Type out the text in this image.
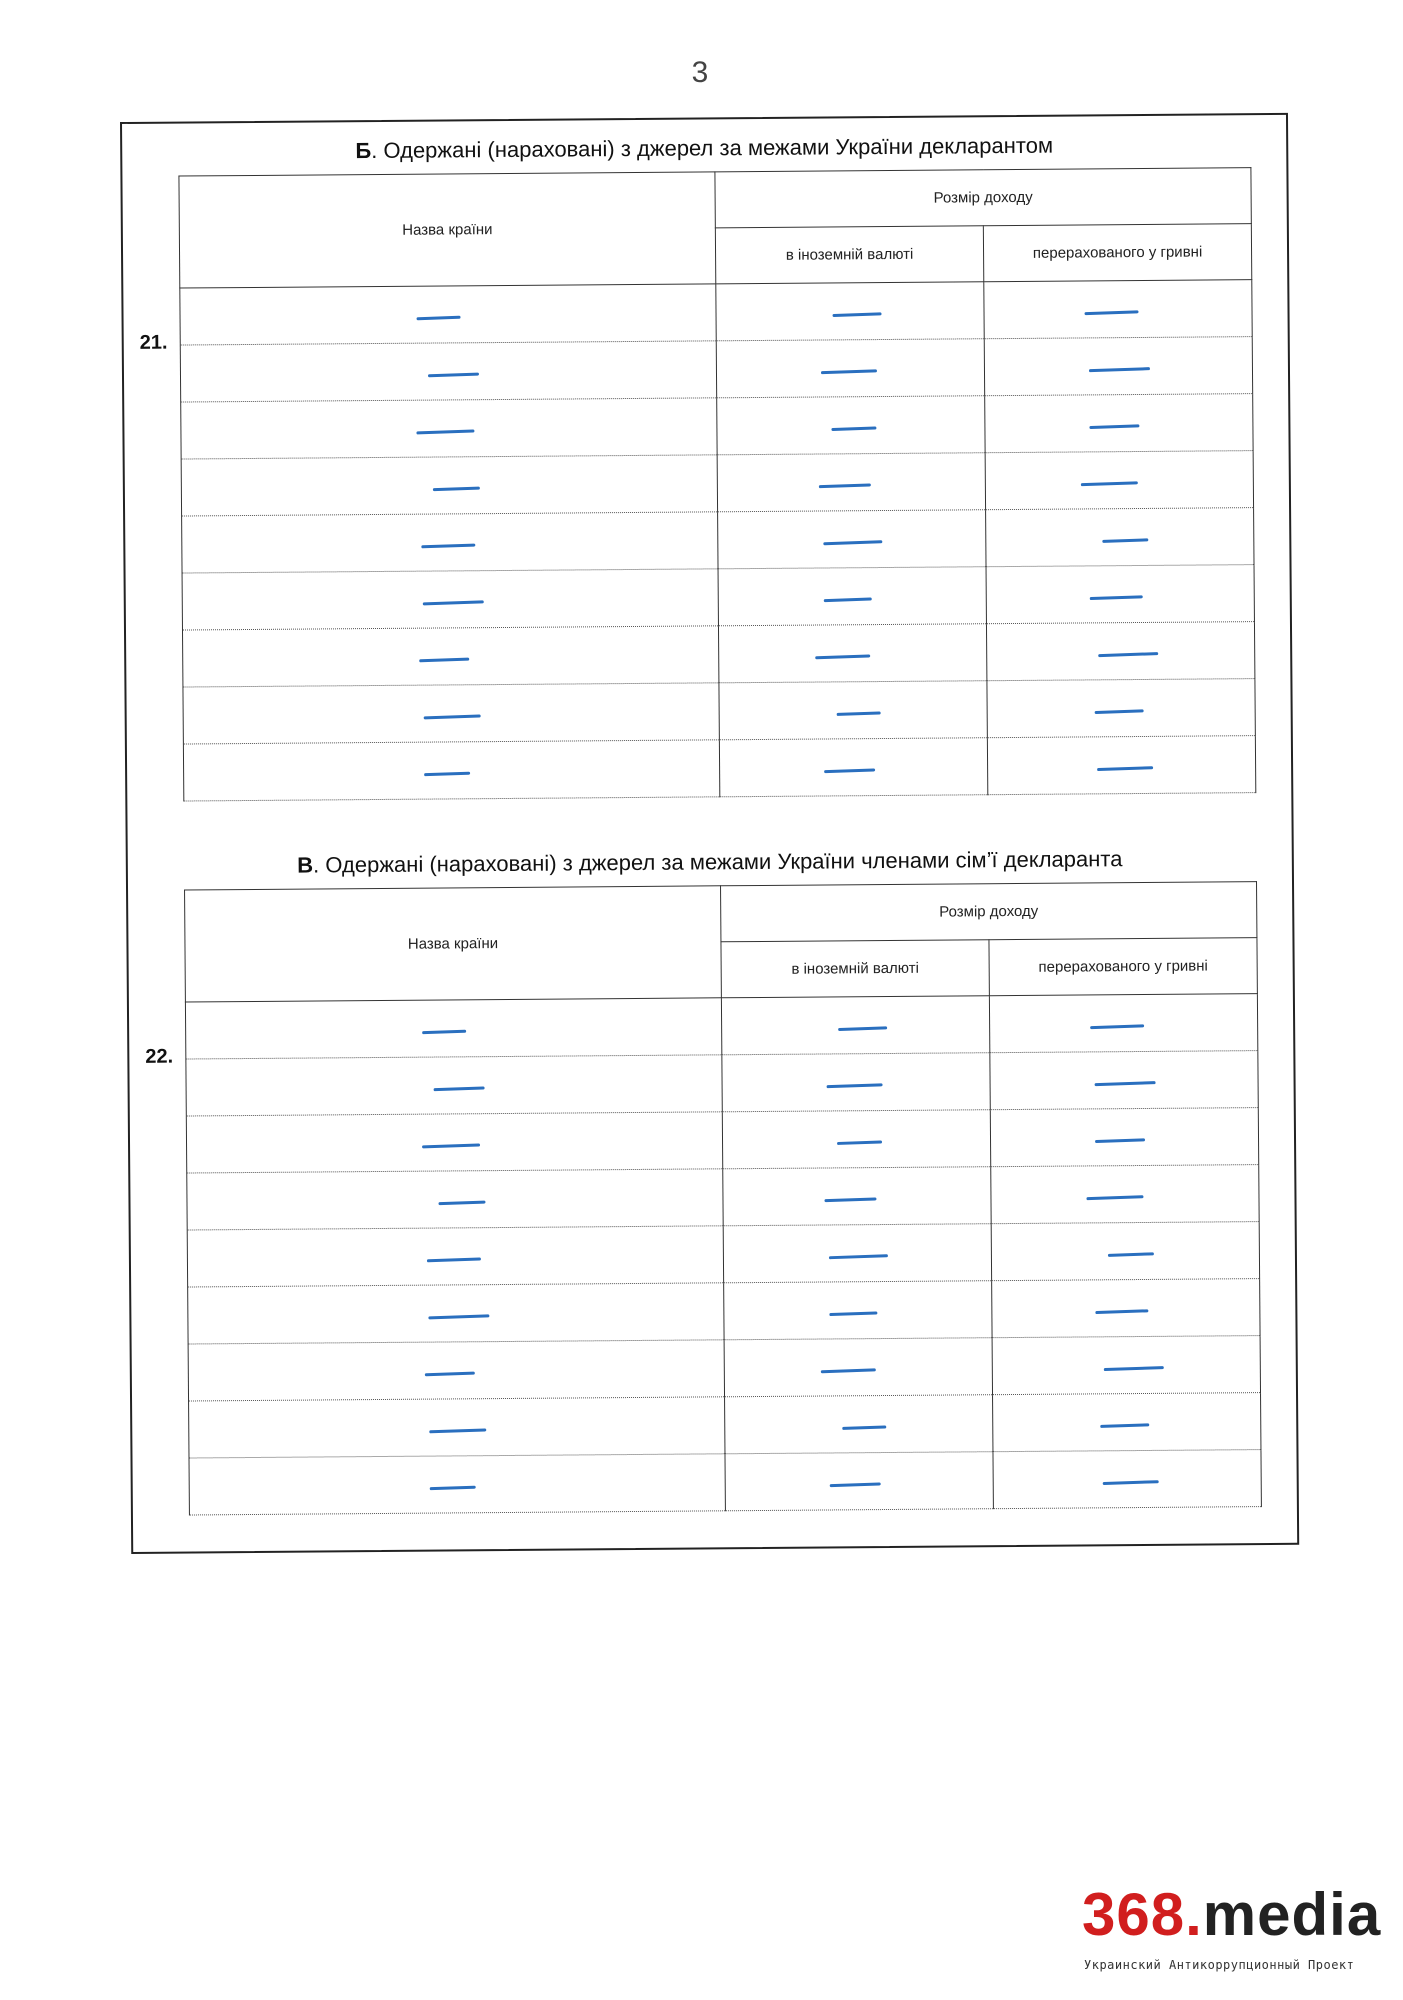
3
Б. Одержані (нараховані) з джерел за межами України декларантом
21.
Назва країни	Розмір доходу	
	в іноземній валюті	перерахованого у гривні

В. Одержані (нараховані) з джерел за межами України членами сім’ї декларанта
22.
Назва країни	Розмір доходу	
	в іноземній валюті	перерахованого у гривні

368.media
Украинский Антикоррупционный Проект
